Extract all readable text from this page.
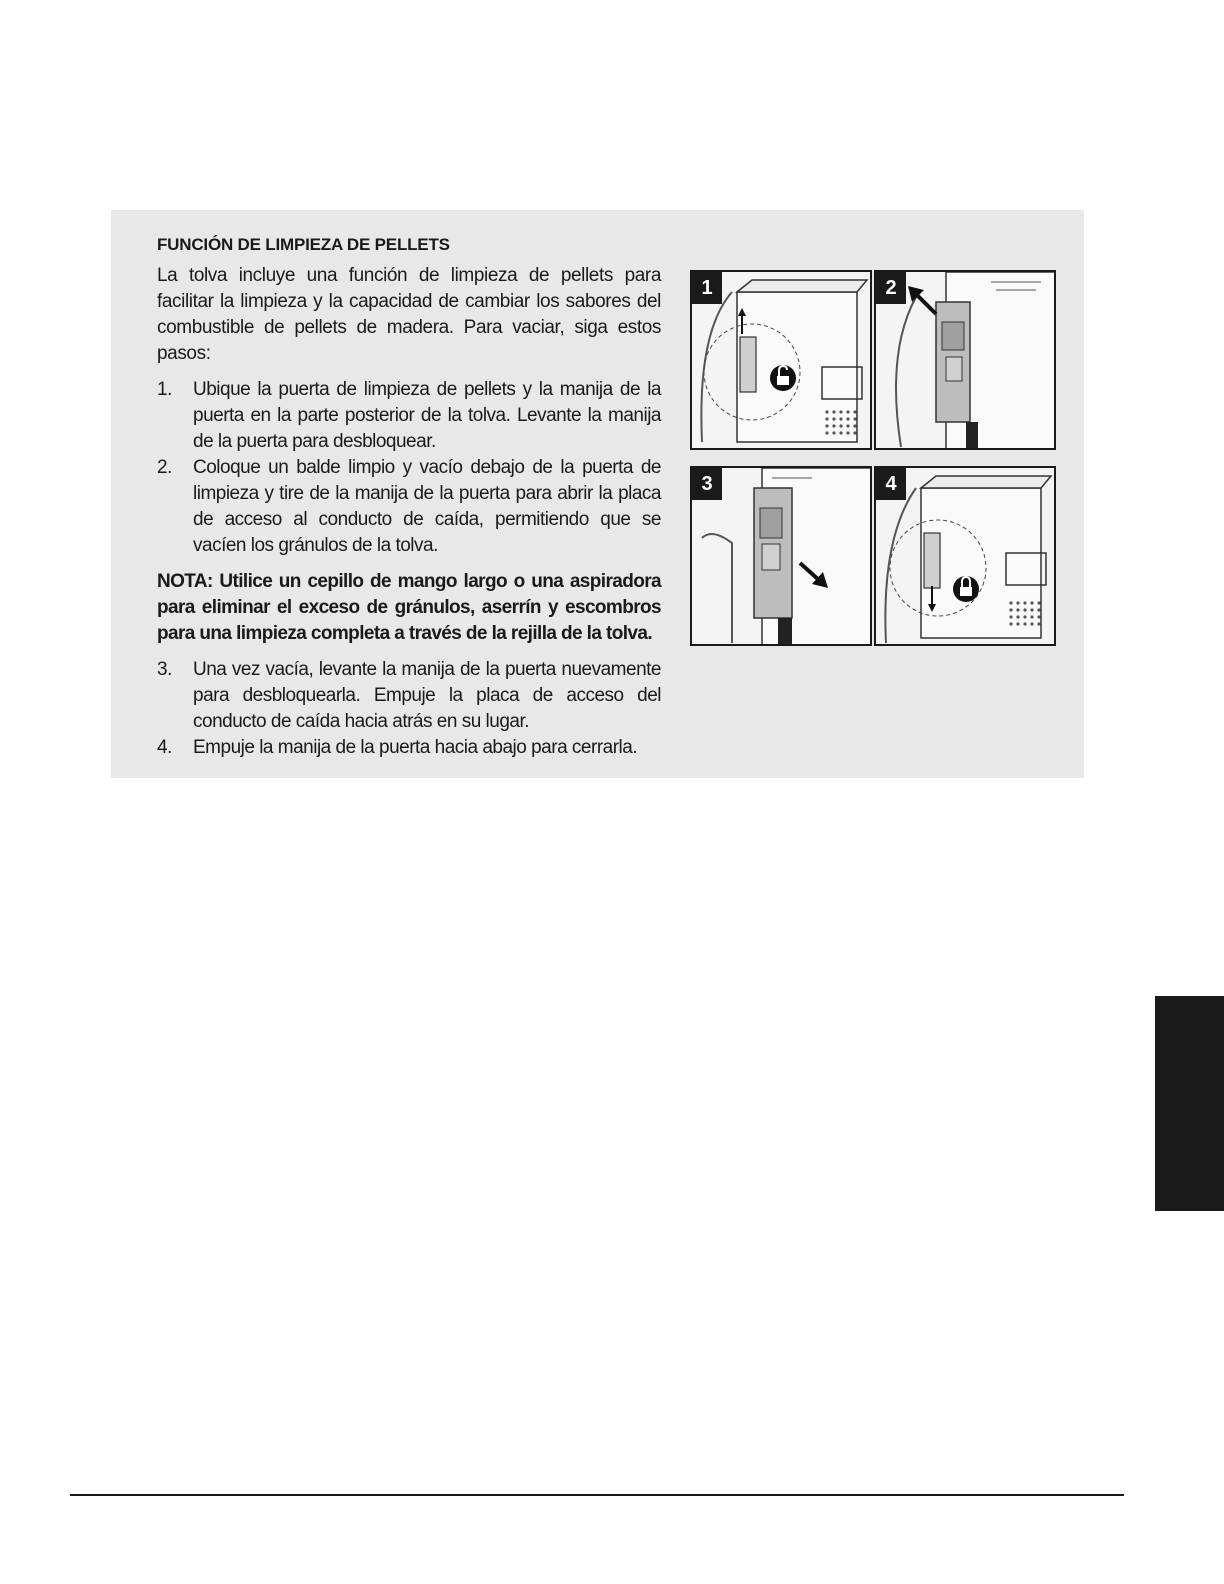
FUNCIÓN DE LIMPIEZA DE PELLETS

La tolva incluye una función de limpieza de pellets para facilitar la limpieza y la capacidad de cambiar los sabores del combustible de pellets de madera. Para vaciar, siga estos pasos:

1.	Ubique la puerta de limpieza de pellets y la manija de la puerta en la parte posterior de la tolva. Levante la manija de la puerta para desbloquear.
2.	Coloque un balde limpio y vacío debajo de la puerta de limpieza y tire de la manija de la puerta para abrir la placa de acceso al conducto de caída, permitiendo que se vacíen los gránulos de la tolva.

NOTA: Utilice un cepillo de mango largo o una aspiradora para eliminar el exceso de gránulos, aserrín y escombros para una limpieza completa a través de la rejilla de la tolva.

3.	Una vez vacía, levante la manija de la puerta nuevamente para desbloquearla. Empuje la placa de acceso del conducto de caída hacia atrás en su lugar.
4.	Empuje la manija de la puerta hacia abajo para cerrarla.
1	2
3	4
